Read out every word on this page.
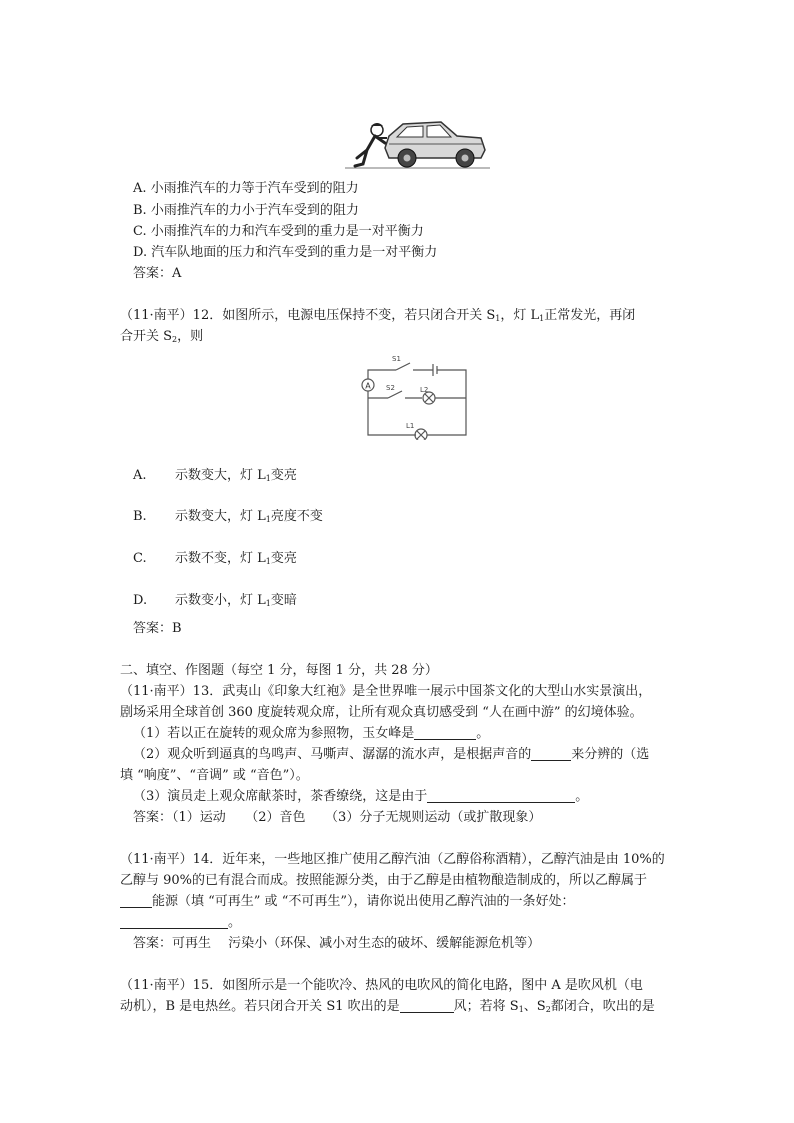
A. 小雨推汽车的力等于汽车受到的阻力
B. 小雨推汽车的力小于汽车受到的阻力
C. 小雨推汽车的力和汽车受到的重力是一对平衡力
D. 汽车队地面的压力和汽车受到的重力是一对平衡力
答案：A
（11·南平）12．如图所示，电源电压保持不变，若只闭合开关 $S_1$，灯 $L_1$正常发光，再闭
合开关 $S_2$，则
A
S1
S2	L2
L1
A. 示数变大，灯 $L_1$变亮
B. 示数变大，灯 $L_1$亮度不变
C. 示数不变，灯 $L_1$变亮
D. 示数变小，灯 $L_1$变暗
答案：B
二、填空、作图题（每空 1 分，每图 1 分，共 28 分）
（11·南平）13．武夷山《印象大红袍》是全世界唯一展示中国茶文化的大型山水实景演出，
剧场采用全球首创 360 度旋转观众席，让所有观众真切感受到 “人在画中游” 的幻境体验。
（1）若以正在旋转的观众席为参照物，玉女峰是	。
（2）观众听到逼真的鸟鸣声、马嘶声、潺潺的流水声，是根据声音的	来分辨的（选
填 “响度”、“音调” 或 “音色”）。
（3）演员走上观众席献茶时，茶香缭绕，这是由于	。
答案：（1）运动　　（2）音色　　（3）分子无规则运动（或扩散现象）
（11·南平）14．近年来，一些地区推广使用乙醇汽油（乙醇俗称酒精），乙醇汽油是由 10%的
乙醇与 90%的已有混合而成。按照能源分类，由于乙醇是由植物酿造制成的，所以乙醇属于
能源（填 “可再生” 或 “不可再生”），请你说出使用乙醇汽油的一条好处：
。
答案：可再生　 污染小（环保、减小对生态的破坏、缓解能源危机等）
（11·南平）15．如图所示是一个能吹冷、热风的电吹风的简化电路，图中 A 是吹风机（电
动机），B 是电热丝。若只闭合开关 S1 吹出的是	风；若将 $S_1$、$S_2$都闭合，吹出的是
